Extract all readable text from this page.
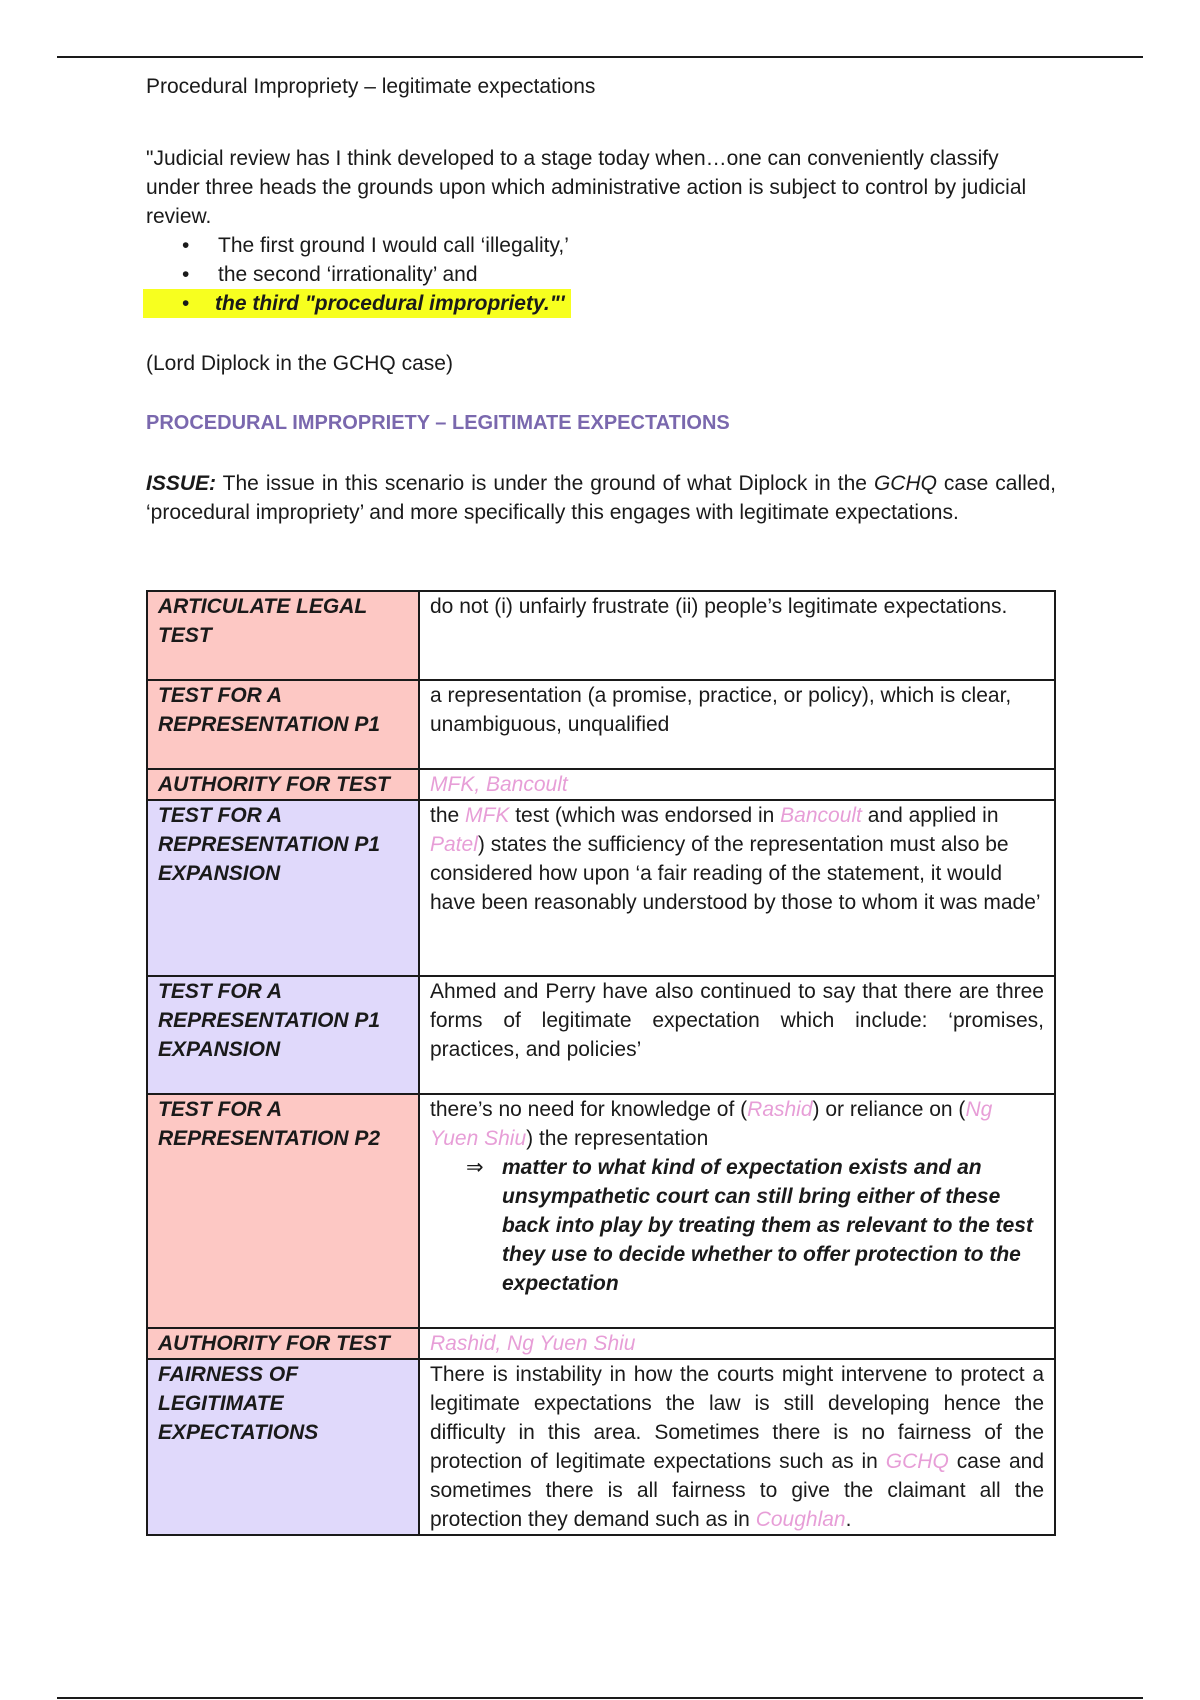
Procedural Impropriety – legitimate expectations

"Judicial review has I think developed to a stage today when…one can conveniently classify under three heads the grounds upon which administrative action is subject to control by judicial review.

• The first ground I would call ‘illegality,’
• the second ‘irrationality’ and
• the third "procedural impropriety."'

(Lord Diplock in the GCHQ case)

PROCEDURAL IMPROPRIETY – LEGITIMATE EXPECTATIONS

ISSUE: The issue in this scenario is under the ground of what Diplock in the GCHQ case called, ‘procedural impropriety’ and more specifically this engages with legitimate expectations.

ARTICULATE LEGAL TEST	do not (i) unfairly frustrate (ii) people’s legitimate expectations.
TEST FOR A REPRESENTATION P1	a representation (a promise, practice, or policy), which is clear, unambiguous, unqualified
AUTHORITY FOR TEST	MFK, Bancoult
TEST FOR A REPRESENTATION P1 EXPANSION	the MFK test (which was endorsed in Bancoult and applied in Patel) states the sufficiency of the representation must also be considered how upon ‘a fair reading of the statement, it would have been reasonably understood by those to whom it was made’
TEST FOR A REPRESENTATION P1 EXPANSION	Ahmed and Perry have also continued to say that there are three forms of legitimate expectation which include: ‘promises, practices, and policies’
TEST FOR A REPRESENTATION P2	there’s no need for knowledge of (Rashid) or reliance on (Ng Yuen Shiu) the representation
⇒ matter to what kind of expectation exists and an unsympathetic court can still bring either of these back into play by treating them as relevant to the test they use to decide whether to offer protection to the expectation

AUTHORITY FOR TEST	Rashid, Ng Yuen Shiu
FAIRNESS OF LEGITIMATE EXPECTATIONS	There is instability in how the courts might intervene to protect a legitimate expectations the law is still developing hence the difficulty in this area. Sometimes there is no fairness of the protection of legitimate expectations such as in GCHQ case and sometimes there is all fairness to give the claimant all the protection they demand such as in Coughlan.
